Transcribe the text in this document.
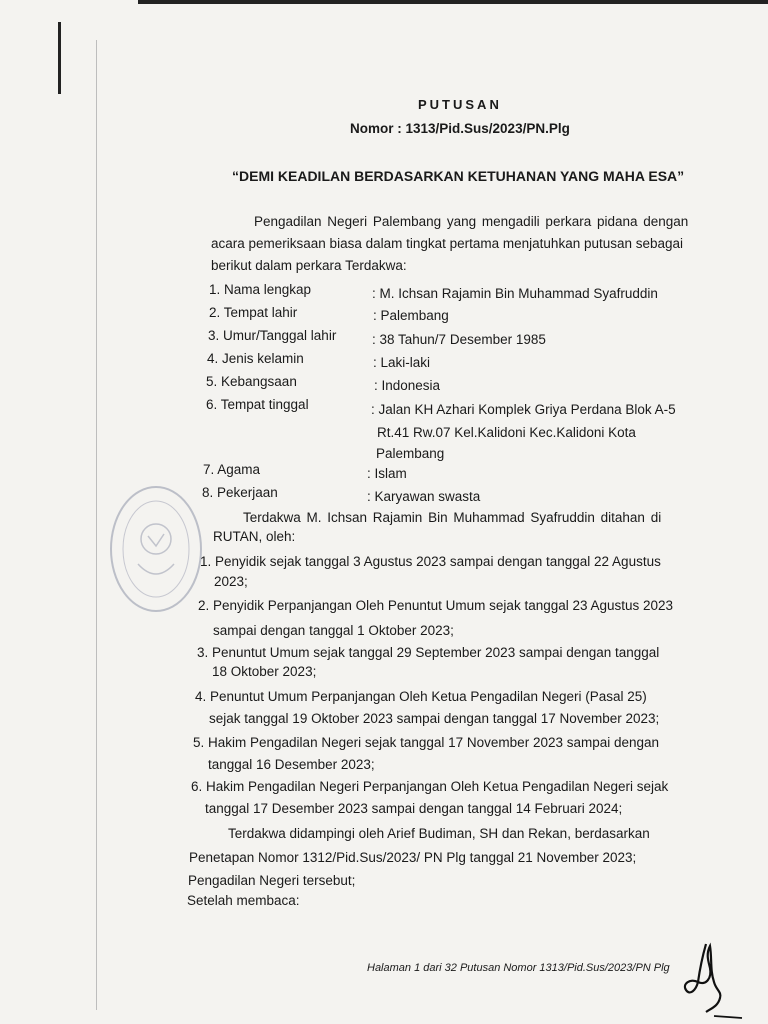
PUTUSAN
Nomor : 1313/Pid.Sus/2023/PN.Plg
“DEMI KEADILAN BERDASARKAN KETUHANAN YANG MAHA ESA”
Pengadilan Negeri Palembang yang mengadili perkara pidana dengan
acara pemeriksaan biasa dalam tingkat pertama menjatuhkan putusan sebagai
berikut dalam perkara Terdakwa:
1. Nama lengkap	: M. Ichsan Rajamin Bin Muhammad Syafruddin
2. Tempat lahir	: Palembang
3. Umur/Tanggal lahir	: 38 Tahun/7 Desember 1985
4. Jenis kelamin	: Laki-laki
5. Kebangsaan	: Indonesia
6. Tempat tinggal	: Jalan KH Azhari Komplek Griya Perdana Blok A-5
Rt.41 Rw.07 Kel.Kalidoni Kec.Kalidoni Kota
Palembang
7. Agama	: Islam
8. Pekerjaan	: Karyawan swasta
Terdakwa M. Ichsan Rajamin Bin Muhammad Syafruddin ditahan di
RUTAN, oleh:
1. Penyidik sejak tanggal 3 Agustus 2023 sampai dengan tanggal 22 Agustus
2023;
2. Penyidik Perpanjangan Oleh Penuntut Umum sejak tanggal 23 Agustus 2023
sampai dengan tanggal 1 Oktober 2023;
3. Penuntut Umum sejak tanggal 29 September 2023 sampai dengan tanggal
18 Oktober 2023;
4. Penuntut Umum Perpanjangan Oleh Ketua Pengadilan Negeri (Pasal 25)
sejak tanggal 19 Oktober 2023 sampai dengan tanggal 17 November 2023;
5. Hakim Pengadilan Negeri sejak tanggal 17 November 2023 sampai dengan
tanggal 16 Desember 2023;
6. Hakim Pengadilan Negeri Perpanjangan Oleh Ketua Pengadilan Negeri sejak
tanggal 17 Desember 2023 sampai dengan tanggal 14 Februari 2024;
Terdakwa didampingi oleh Arief Budiman, SH dan Rekan, berdasarkan
Penetapan Nomor 1312/Pid.Sus/2023/ PN Plg tanggal 21 November 2023;
Pengadilan Negeri tersebut;
Setelah membaca:
Halaman 1 dari 32 Putusan Nomor 1313/Pid.Sus/2023/PN Plg
